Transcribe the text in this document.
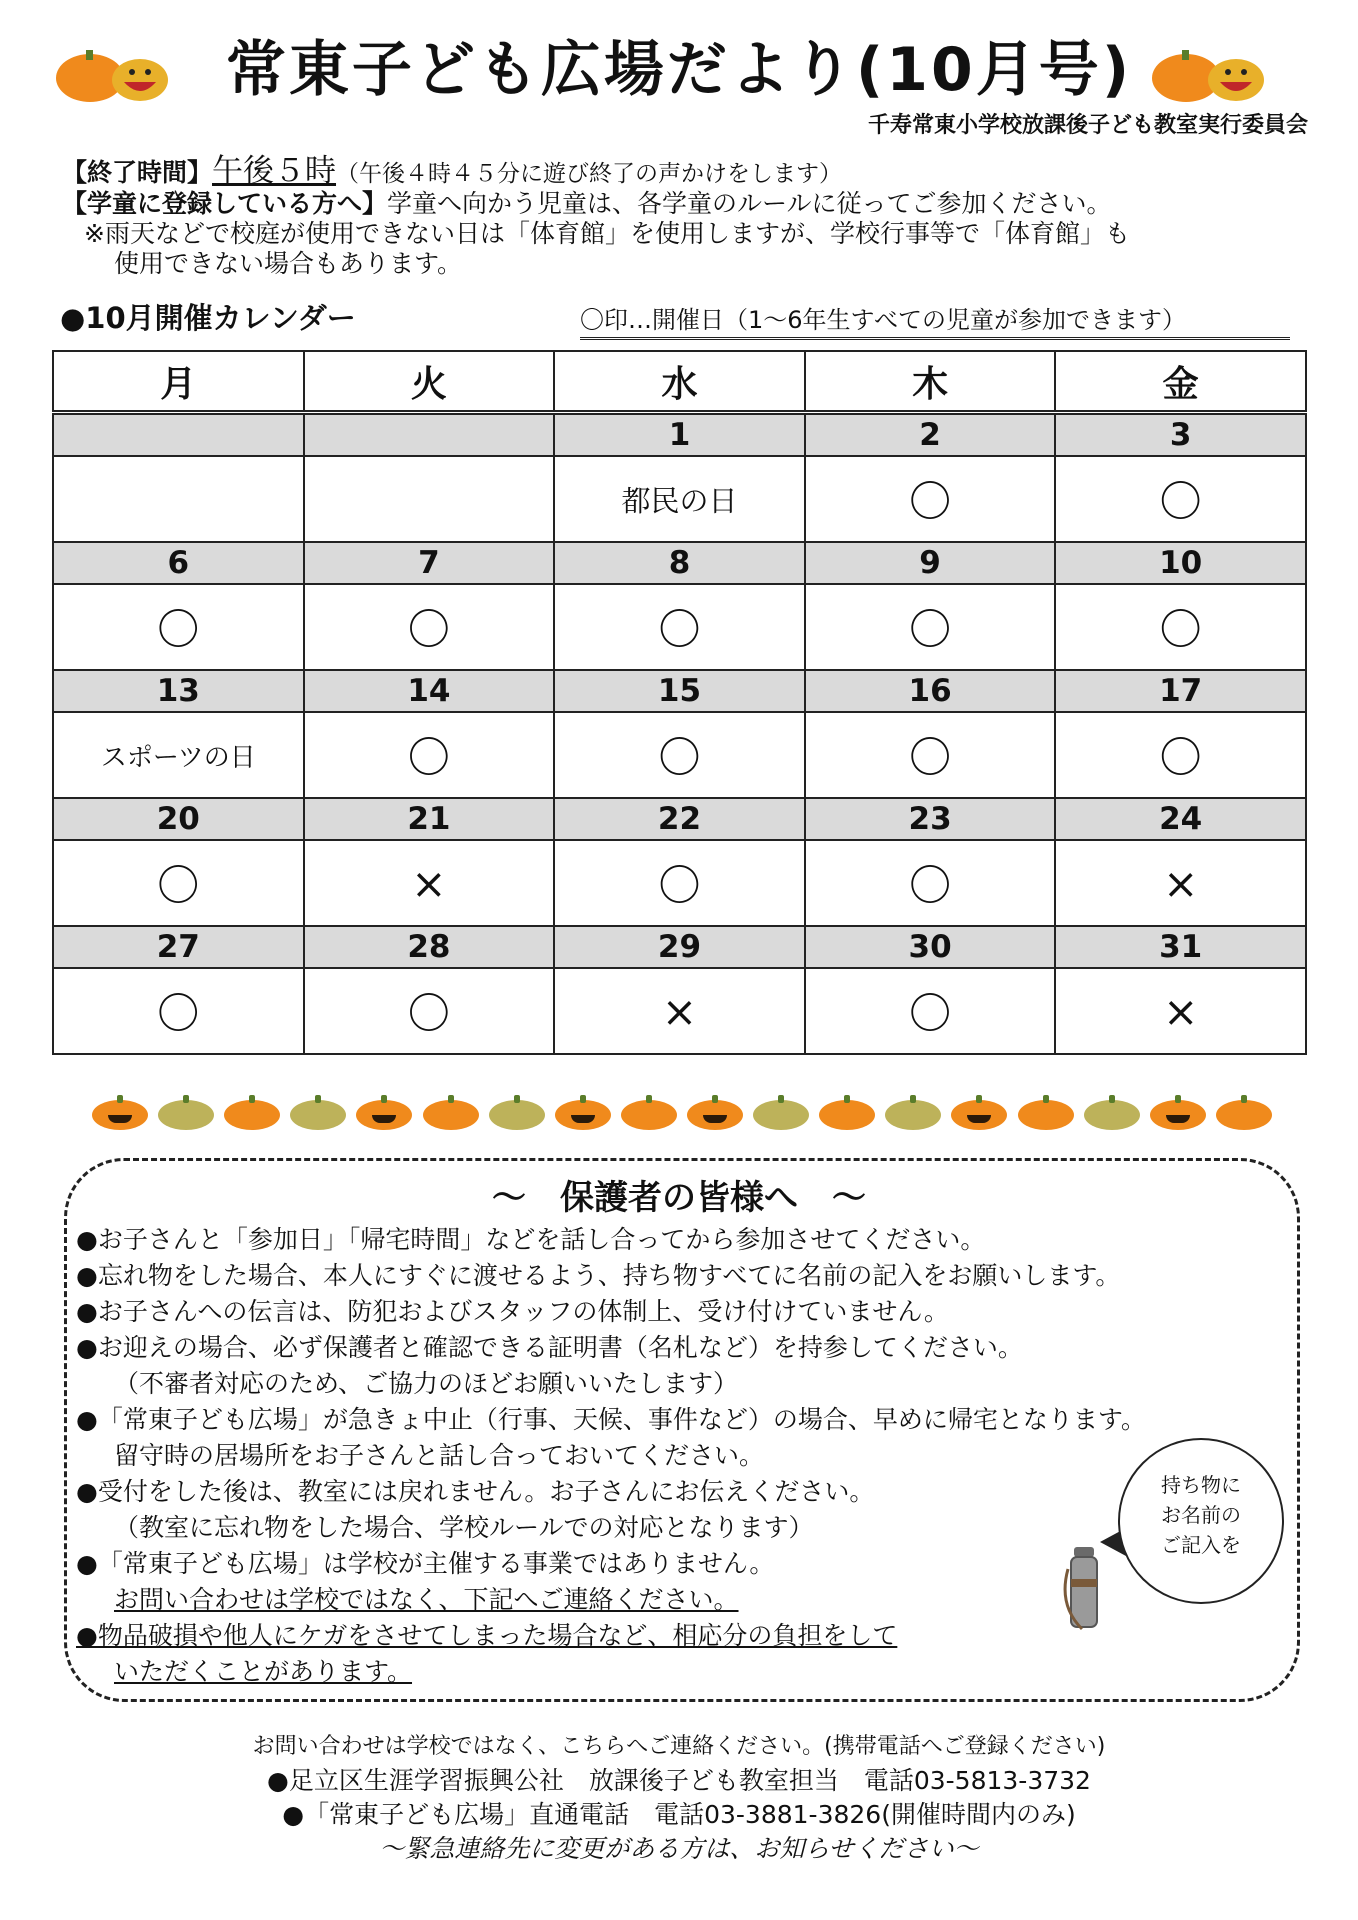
常東子ども広場だより(10月号)
千寿常東小学校放課後子ども教室実行委員会
【終了時間】午後５時（午後４時４５分に遊び終了の声かけをします）
【学童に登録している方へ】学童へ向かう児童は、各学童のルールに従ってご参加ください。
※雨天などで校庭が使用できない日は「体育館」を使用しますが、学校行事等で「体育館」も
使用できない場合もあります。
●10月開催カレンダー	〇印…開催日（1～6年生すべての児童が参加できます）
月	火	水	木	金
		1	2	3
		都民の日	〇	〇
6	7	8	9	10
〇	〇	〇	〇	〇
13	14	15	16	17
スポーツの日	〇	〇	〇	〇
20	21	22	23	24
〇	×	〇	〇	×
27	28	29	30	31
〇	〇	×	〇	×
～　保護者の皆様へ　～
●お子さんと「参加日」「帰宅時間」などを話し合ってから参加させてください。
●忘れ物をした場合、本人にすぐに渡せるよう、持ち物すべてに名前の記入をお願いします。
●お子さんへの伝言は、防犯およびスタッフの体制上、受け付けていません。
●お迎えの場合、必ず保護者と確認できる証明書（名札など）を持参してください。
（不審者対応のため、ご協力のほどお願いいたします）
●「常東子ども広場」が急きょ中止（行事、天候、事件など）の場合、早めに帰宅となります。
留守時の居場所をお子さんと話し合っておいてください。
●受付をした後は、教室には戻れません。お子さんにお伝えください。
（教室に忘れ物をした場合、学校ルールでの対応となります）
●「常東子ども広場」は学校が主催する事業ではありません。
お問い合わせは学校ではなく、下記へご連絡ください。
●物品破損や他人にケガをさせてしまった場合など、相応分の負担をして
いただくことがあります。
持ち物に
お名前の
ご記入を
お問い合わせは学校ではなく、こちらへご連絡ください。(携帯電話へご登録ください)
●足立区生涯学習振興公社　放課後子ども教室担当　電話03-5813-3732
●「常東子ども広場」直通電話　電話03-3881-3826(開催時間内のみ)
～緊急連絡先に変更がある方は、お知らせください～
